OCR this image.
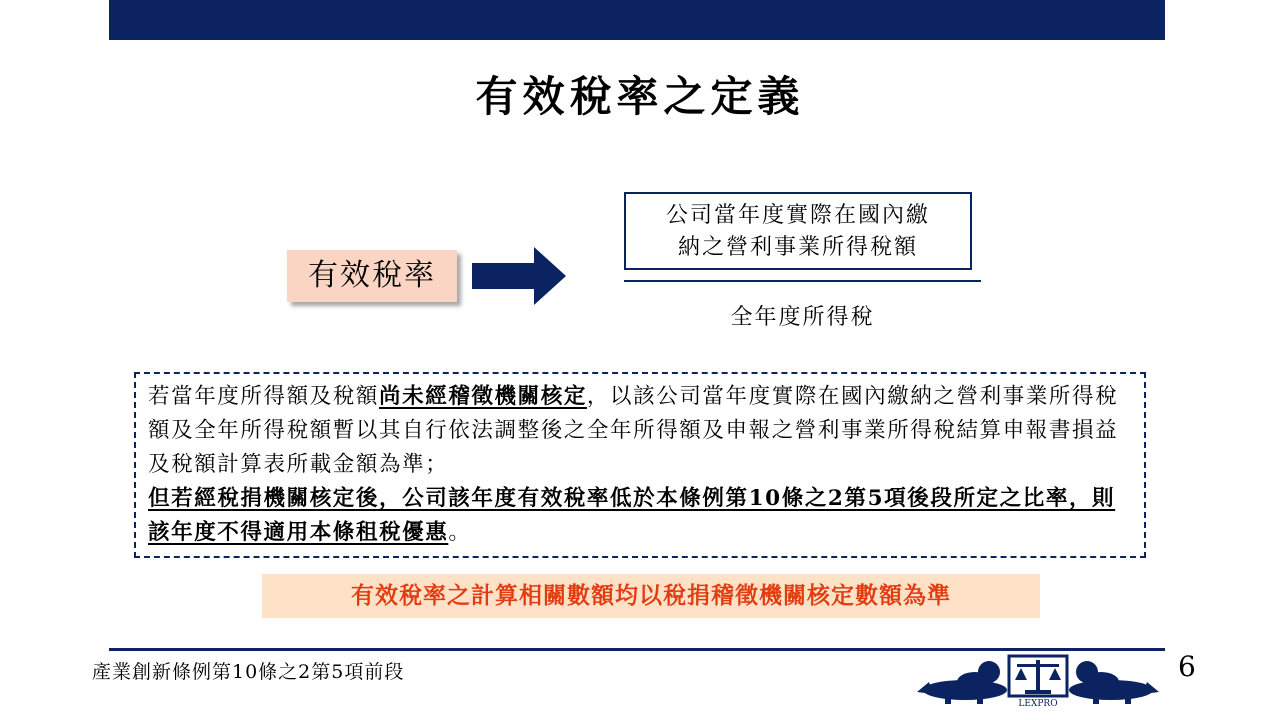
有效稅率之定義
有效稅率
公司當年度實際在國內繳
納之營利事業所得稅額
全年度所得稅

若當年度所得額及稅額尚未經稽徵機關核定，以該公司當年度實際在國內繳納之營利事業所得稅額及全年所得稅額暫以其自行依法調整後之全年所得額及申報之營利事業所得稅結算申報書損益及稅額計算表所載金額為準；

但若經稅捐機關核定後，公司該年度有效稅率低於本條例第10條之2第5項後段所定之比率，則該年度不得適用本條租稅優惠。

有效稅率之計算相關數額均以稅捐稽徵機關核定數額為準
產業創新條例第10條之2第5項前段
LEXPRO
6
